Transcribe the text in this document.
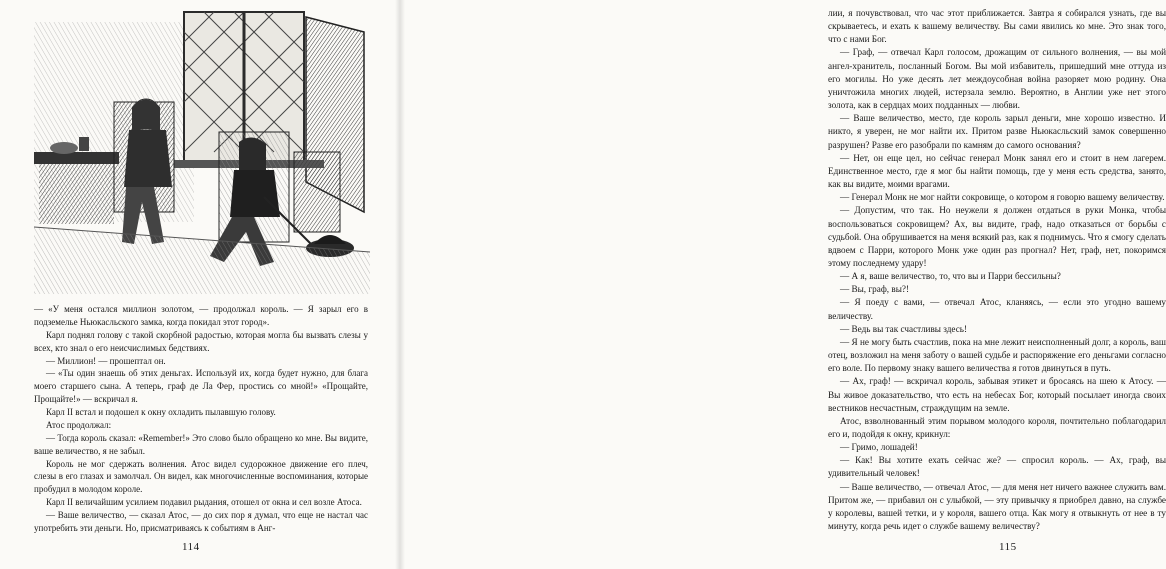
— «У меня остался миллион золотом, — продолжал король. — Я зарыл его в подземелье Ньюкасльского замка, когда покидал этот город».

Карл поднял голову с такой скорбной радостью, которая могла бы вызвать слезы у всех, кто знал о его неисчислимых бедствиях.

— Миллион! — прошептал он.

— «Ты один знаешь об этих деньгах. Используй их, когда будет нужно, для блага моего старшего сына. А теперь, граф де Ла Фер, простись со мной!» «Прощайте, Прощайте!» — вскричал я.

Карл II встал и подошел к окну охладить пылавшую голову.

Атос продолжал:

— Тогда король сказал: «Remember!» Это слово было обращено ко мне. Вы видите, ваше величество, я не забыл.

Король не мог сдержать волнения. Атос видел судорожное движение его плеч, слезы в его глазах и замолчал. Он видел, как многочисленные воспоминания, которые пробудил в молодом короле.

Карл II величайшим усилием подавил рыдания, отошел от окна и сел возле Атоса.

— Ваше величество, — сказал Атос, — до сих пор я думал, что еще не настал час употребить эти деньги. Но, присматриваясь к событиям в Анг-

114

лии, я почувствовал, что час этот приближается. Завтра я собирался узнать, где вы скрываетесь, и ехать к вашему величеству. Вы сами явились ко мне. Это знак того, что с нами Бог.

— Граф, — отвечал Карл голосом, дрожащим от сильного волнения, — вы мой ангел-хранитель, посланный Богом. Вы мой избавитель, пришедший мне оттуда из его могилы. Но уже десять лет междоусобная война разоряет мою родину. Она уничтожила многих людей, истерзала землю. Вероятно, в Англии уже нет этого золота, как в сердцах моих подданных — любви.

— Ваше величество, место, где король зарыл деньги, мне хорошо известно. И никто, я уверен, не мог найти их. Притом разве Ньюкасльский замок совершенно разрушен? Разве его разобрали по камням до самого основания?

— Нет, он еще цел, но сейчас генерал Монк занял его и стоит в нем лагерем. Единственное место, где я мог бы найти помощь, где у меня есть средства, занято, как вы видите, моими врагами.

— Генерал Монк не мог найти сокровище, о котором я говорю вашему величеству.

— Допустим, что так. Но неужели я должен отдаться в руки Монка, чтобы воспользоваться сокровищем? Ах, вы видите, граф, надо отказаться от борьбы с судьбой. Она обрушивается на меня всякий раз, как я поднимусь. Что я смогу сделать вдвоем с Парри, которого Монк уже один раз прогнал? Нет, граф, нет, покоримся этому последнему удару!

— А я, ваше величество, то, что вы и Парри бессильны?

— Вы, граф, вы?!

— Я поеду с вами, — отвечал Атос, кланяясь, — если это угодно вашему величеству.

— Ведь вы так счастливы здесь!

— Я не могу быть счастлив, пока на мне лежит неисполненный долг, а король, ваш отец, возложил на меня заботу о вашей судьбе и распоряжение его деньгами согласно его воле. По первому знаку вашего величества я готов двинуться в путь.

— Ах, граф! — вскричал король, забывая этикет и бросаясь на шею к Атосу. — Вы живое доказательство, что есть на небесах Бог, который посылает иногда своих вестников несчастным, страждущим на земле.

Атос, взволнованный этим порывом молодого короля, почтительно поблагодарил его и, подойдя к окну, крикнул:

— Гримо, лошадей!

— Как! Вы хотите ехать сейчас же? — спросил король. — Ах, граф, вы удивительный человек!

— Ваше величество, — отвечал Атос, — для меня нет ничего важнее служить вам. Притом же, — прибавил он с улыбкой, — эту привычку я приобрел давно, на службе у королевы, вашей тетки, и у короля, вашего отца. Как могу я отвыкнуть от нее в ту минуту, когда речь идет о службе вашему величеству?

115
